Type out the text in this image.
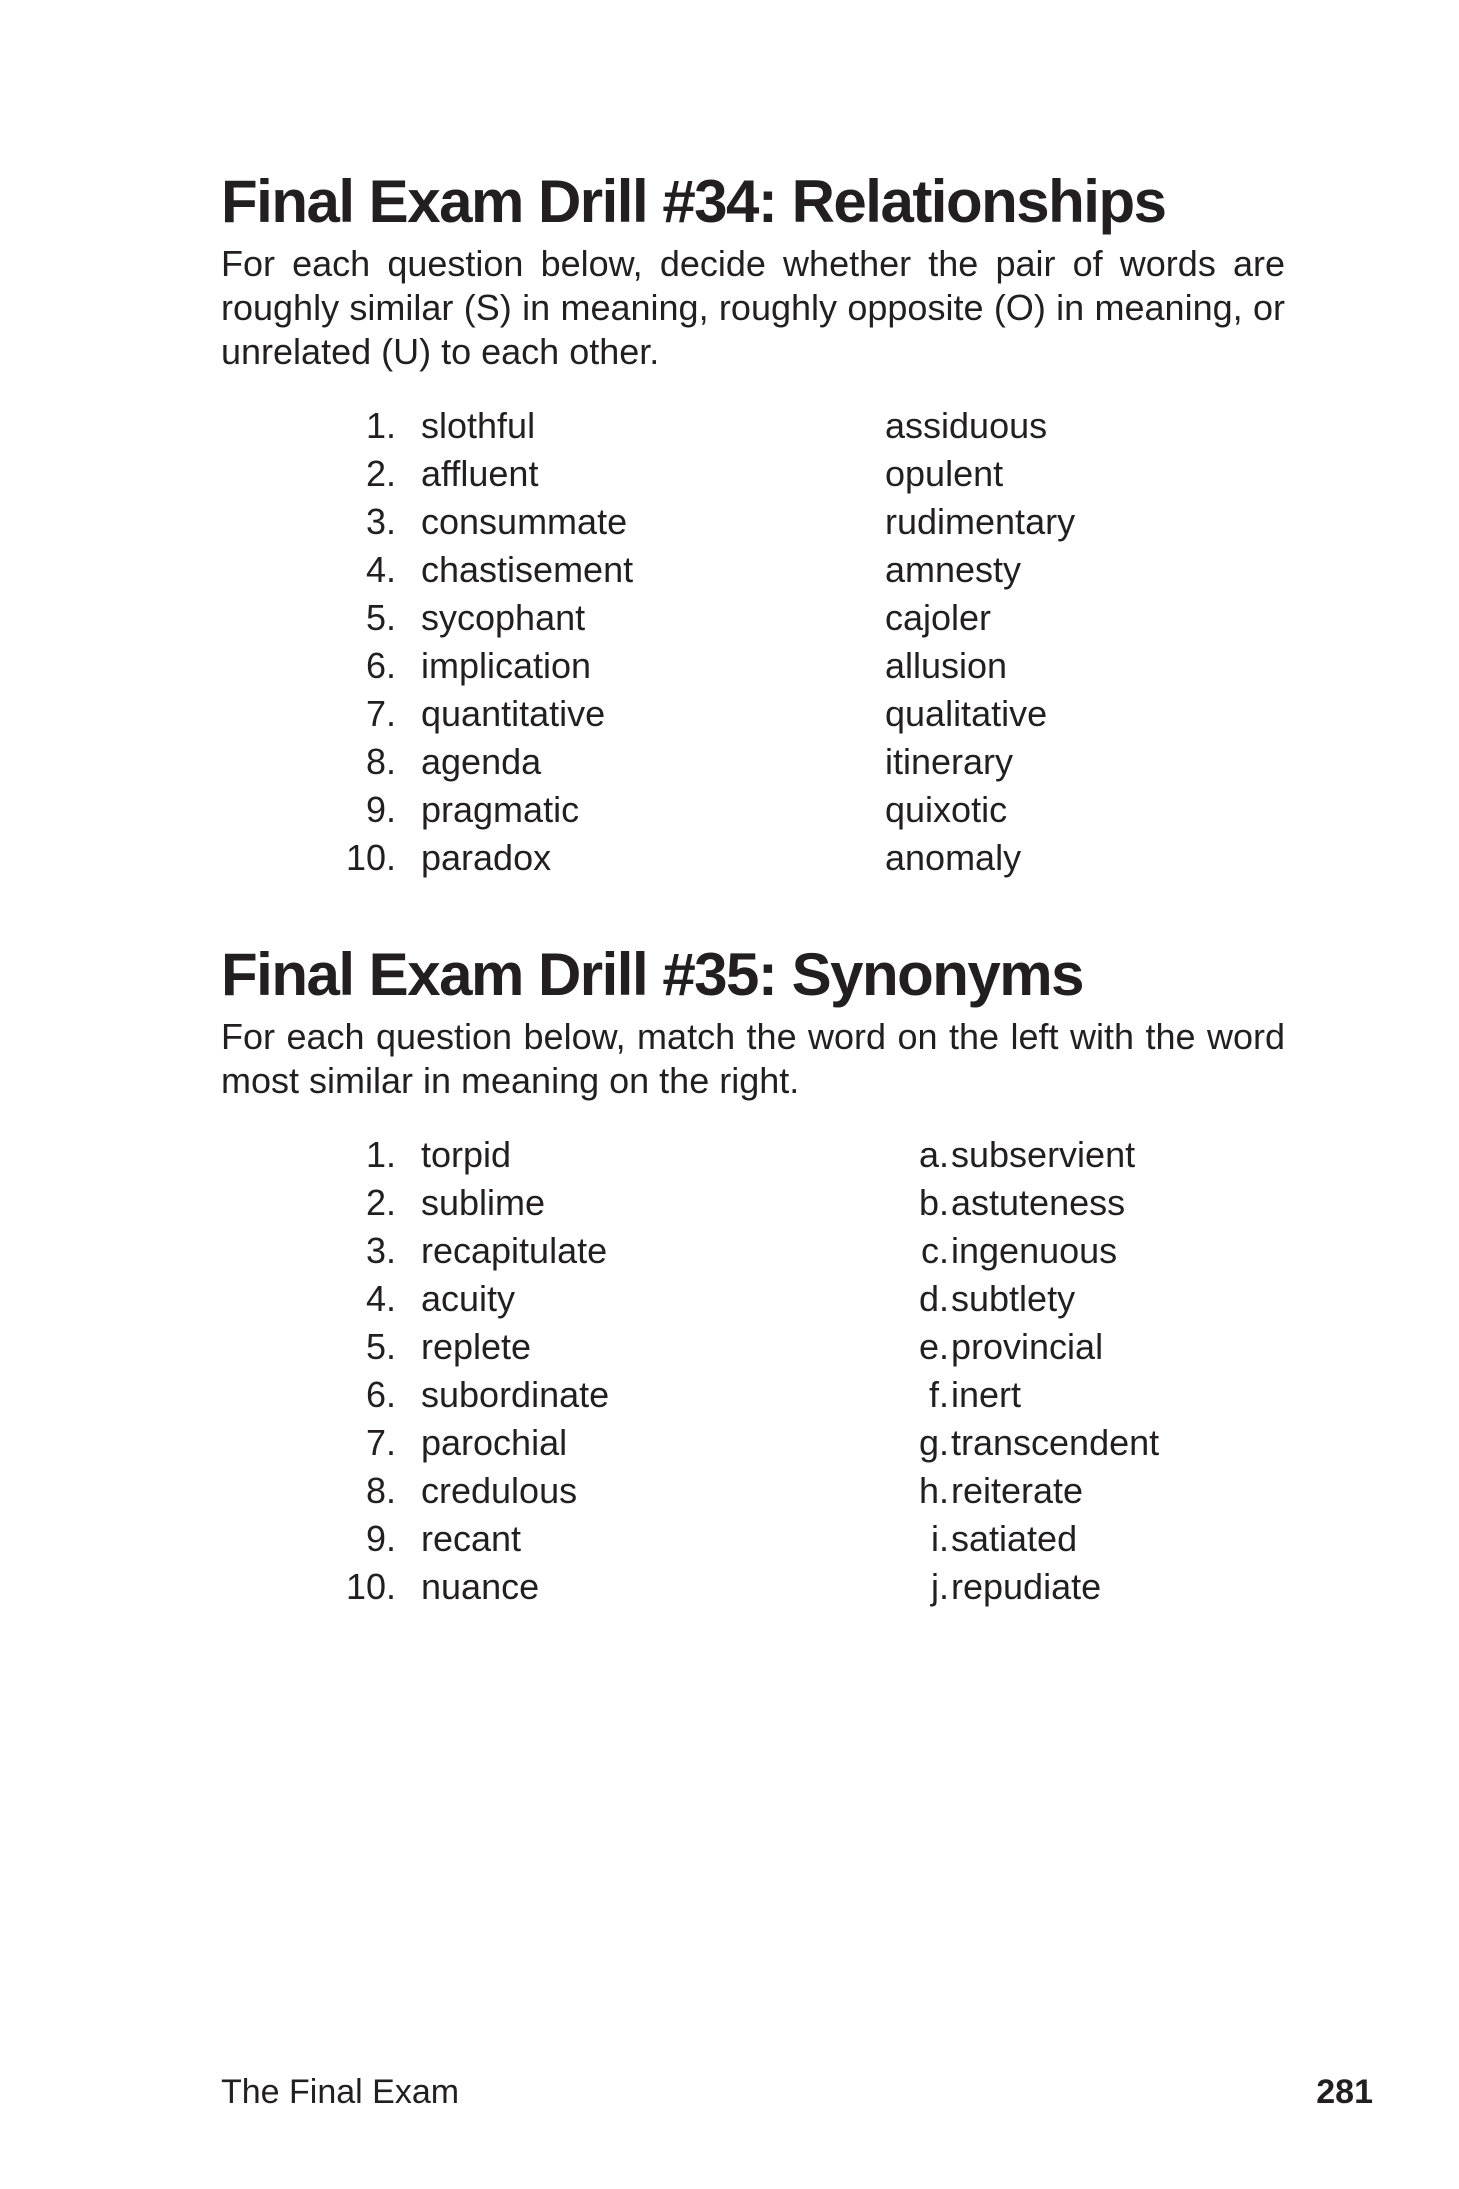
Final Exam Drill #34: Relationships

For each question below, decide whether the pair of words are roughly similar (S) in meaning, roughly opposite (O) in meaning, or unrelated (U) to each other.

1. slothful	assiduous
2. affluent	opulent
3. consummate	rudimentary
4. chastisement	amnesty
5. sycophant	cajoler
6. implication	allusion
7. quantitative	qualitative
8. agenda	itinerary
9. pragmatic	quixotic
10. paradox	anomaly
Final Exam Drill #35: Synonyms

For each question below, match the word on the left with the word most similar in meaning on the right.

1. torpid	a. subservient
2. sublime	b. astuteness
3. recapitulate	c. ingenuous
4. acuity	d. subtlety
5. replete	e. provincial
6. subordinate	f. inert
7. parochial	g. transcendent
8. credulous	h. reiterate
9. recant	i. satiated
10. nuance	j. repudiate
The Final Exam	281
